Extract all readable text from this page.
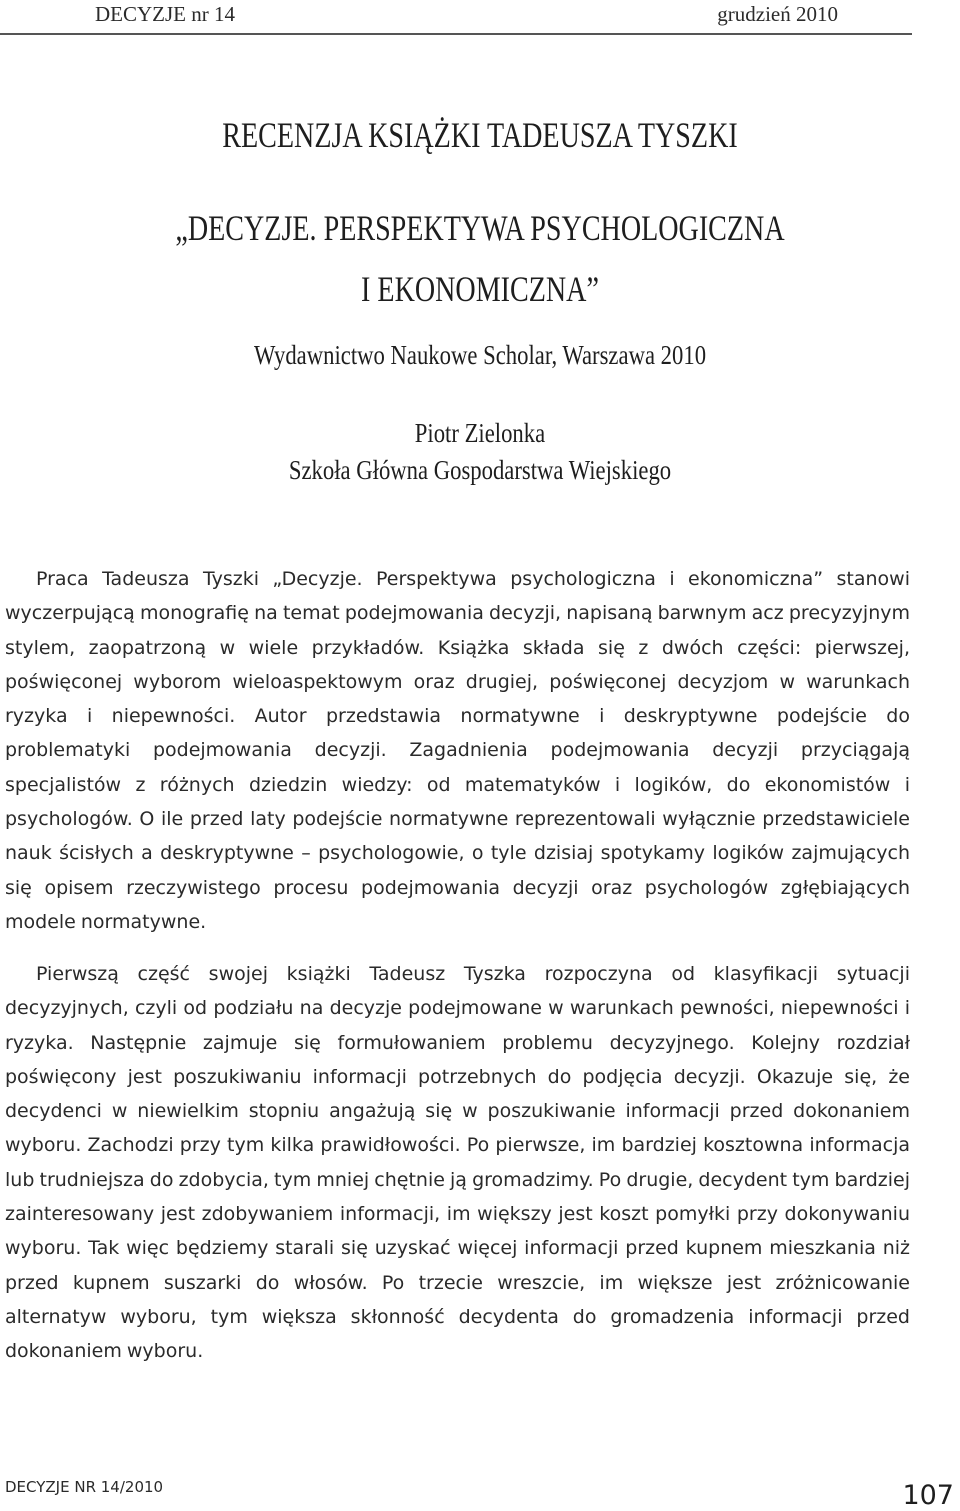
DECYZJE nr 14	grudzień 2010
RECENZJA KSIĄŻKI TADEUSZA TYSZKI
„DECYZJE. PERSPEKTYWA PSYCHOLOGICZNA
I EKONOMICZNA”
Wydawnictwo Naukowe Scholar, Warszawa 2010
Piotr Zielonka
Szkoła Główna Gospodarstwa Wiejskiego

Praca Tadeusza Tyszki „Decyzje. Perspektywa psychologiczna i ekonomiczna” stanowi wyczerpującą monografię na temat podejmowania decyzji, napisaną barwnym acz precyzyjnym stylem, zaopatrzoną w wiele przykładów. Książka składa się z dwóch części: pierwszej, poświęconej wyborom wieloaspektowym oraz drugiej, poświęconej decyzjom w warunkach ryzyka i niepewności. Autor przedstawia normatywne i deskryptywne podejście do problematyki podejmowania decyzji. Zagadnienia podejmowania decyzji przyciągają specjalistów z różnych dziedzin wiedzy: od matematyków i logików, do ekonomistów i psychologów. O ile przed laty podejście normatywne reprezentowali wyłącznie przedstawiciele nauk ścisłych a deskryptywne – psychologowie, o tyle dzisiaj spotykamy logików zajmujących się opisem rzeczywistego procesu podejmowania decyzji oraz psychologów zgłębiających modele normatywne.

Pierwszą część swojej książki Tadeusz Tyszka rozpoczyna od klasyfikacji sytuacji decyzyjnych, czyli od podziału na decyzje podejmowane w warunkach pewności, niepewności i ryzyka. Następnie zajmuje się formułowaniem problemu decyzyjnego. Kolejny rozdział poświęcony jest poszukiwaniu informacji potrzebnych do podjęcia decyzji. Okazuje się, że decydenci w niewielkim stopniu angażują się w poszukiwanie informacji przed dokonaniem wyboru. Zachodzi przy tym kilka prawidłowości. Po pierwsze, im bardziej kosztowna informacja lub trudniejsza do zdobycia, tym mniej chętnie ją gromadzimy. Po drugie, decydent tym bardziej zainteresowany jest zdobywaniem informacji, im większy jest koszt pomyłki przy dokonywaniu wyboru. Tak więc będziemy starali się uzyskać więcej informacji przed kupnem mieszkania niż przed kupnem suszarki do włosów. Po trzecie wreszcie, im większe jest zróżnicowanie alternatyw wyboru, tym większa skłonność decydenta do gromadzenia informacji przed dokonaniem wyboru.

DECYZJE NR 14/2010	107
